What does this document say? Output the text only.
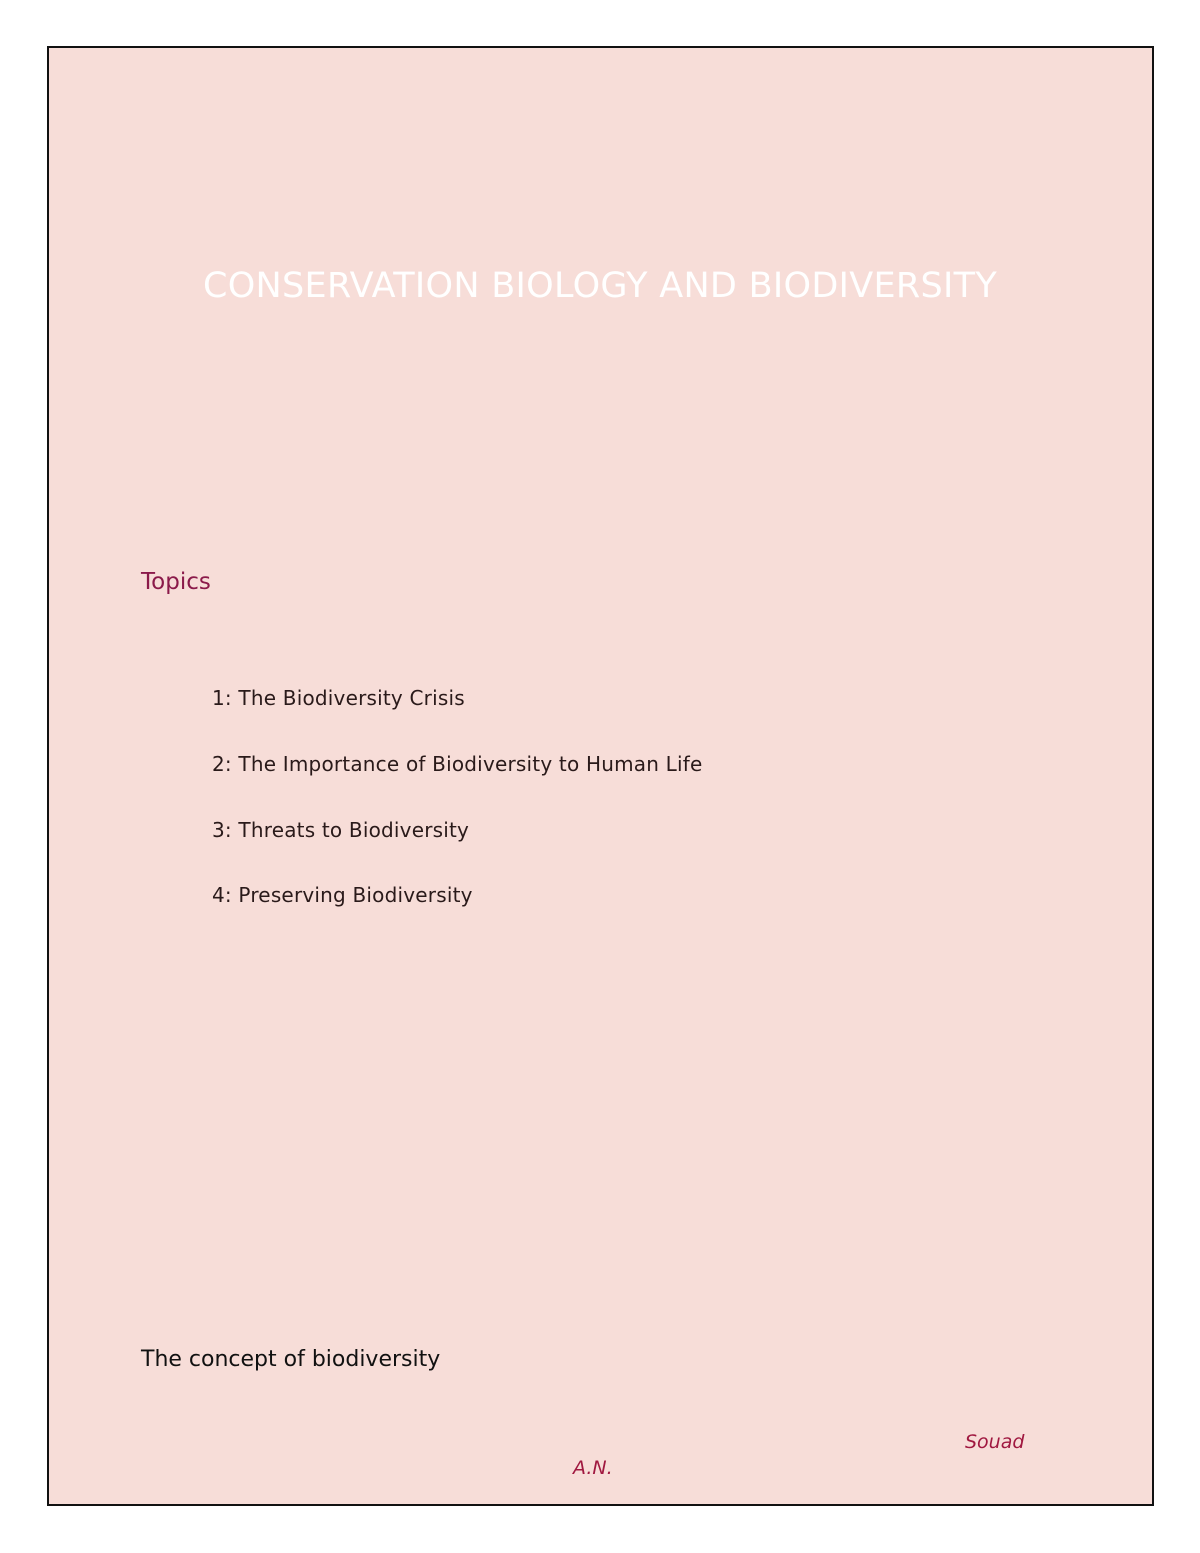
CONSERVATION BIOLOGY AND BIODIVERSITY
Topics
1: The Biodiversity Crisis
2: The Importance of Biodiversity to Human Life
3: Threats to Biodiversity
4: Preserving Biodiversity
The concept of biodiversity
Souad
A.N.
